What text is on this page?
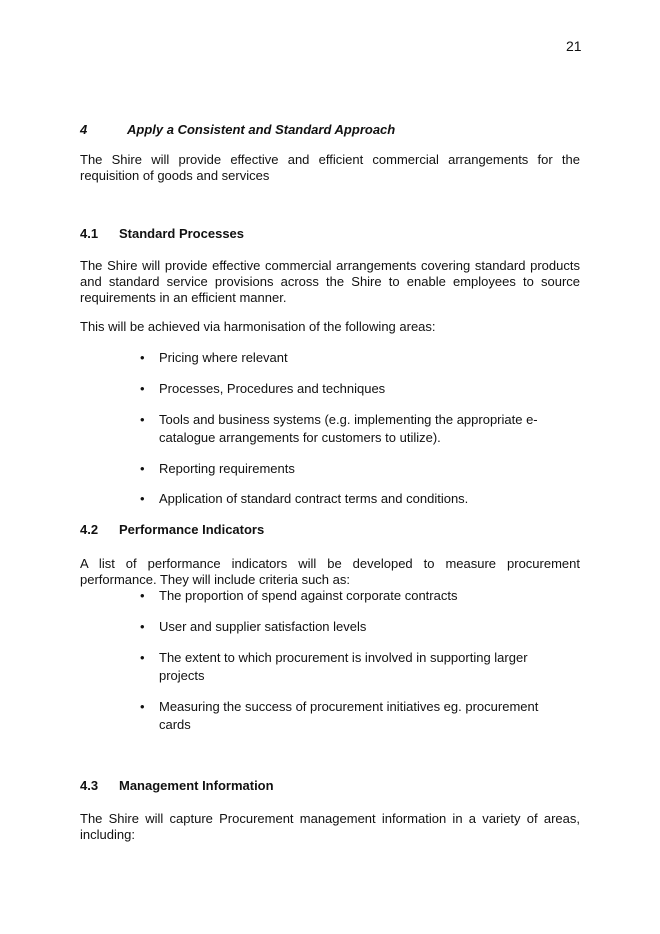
21
4	Apply a Consistent and Standard Approach
The Shire will provide effective and efficient commercial arrangements for the requisition of goods and services
4.1 Standard Processes
The Shire will provide effective commercial arrangements covering standard products and standard service provisions across the Shire to enable employees to source requirements in an efficient manner.
This will be achieved via harmonisation of the following areas:
• Pricing where relevant
• Processes, Procedures and techniques
• Tools and business systems (e.g. implementing the appropriate e-catalogue arrangements for customers to utilize).
• Reporting requirements
• Application of standard contract terms and conditions.
4.2 Performance Indicators
A list of performance indicators will be developed to measure procurement performance. They will include criteria such as:
• The proportion of spend against corporate contracts
• User and supplier satisfaction levels
• The extent to which procurement is involved in supporting larger projects
• Measuring the success of procurement initiatives eg. procurement cards
4.3 Management Information
The Shire will capture Procurement management information in a variety of areas, including:
